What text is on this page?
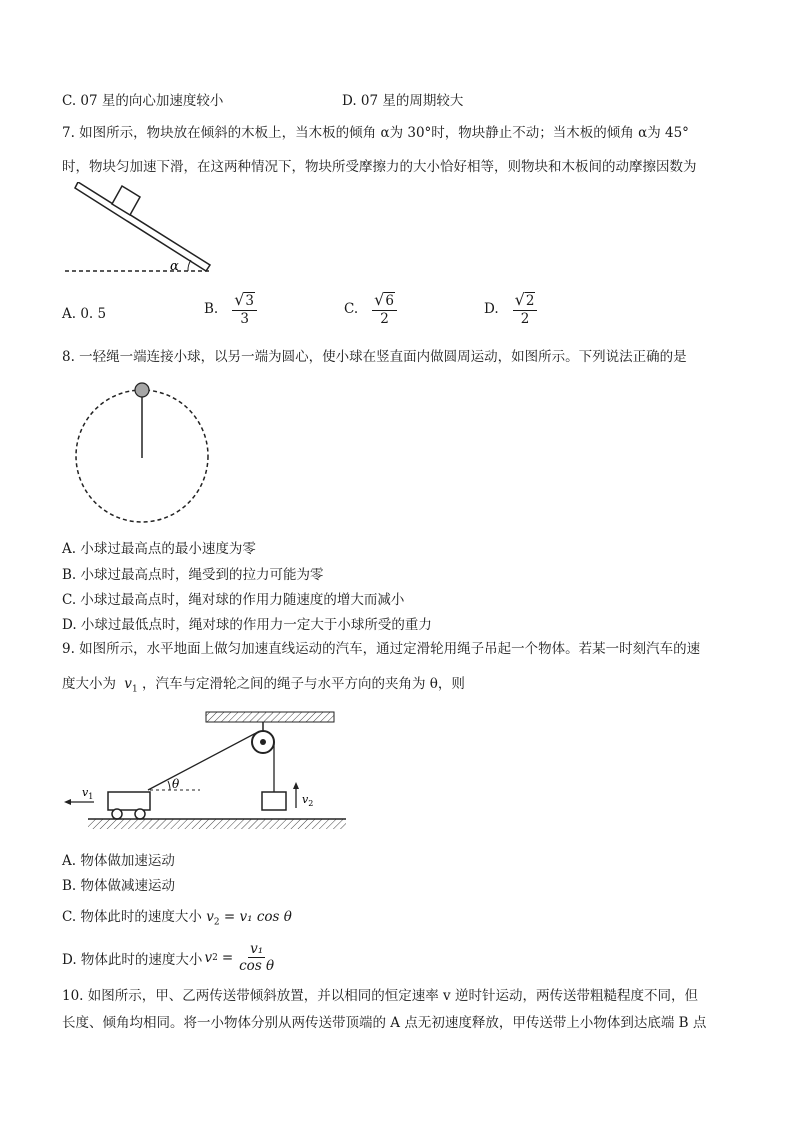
C. 07 星的向心加速度较小	D. 07 星的周期较大
7. 如图所示，物块放在倾斜的木板上，当木板的倾角 α为 30°时，物块静止不动；当木板的倾角 α为 45°
时，物块匀加速下滑，在这两种情况下，物块所受摩擦力的大小恰好相等，则物块和木板间的动摩擦因数为
α
A. 0. 5	B. $\frac{√ 3}{3}$	C. $\frac{√ 6}{2}$	D. $\frac{√ 2}{2}$
8. 一轻绳一端连接小球，以另一端为圆心，使小球在竖直面内做圆周运动，如图所示。下列说法正确的是
A. 小球过最高点的最小速度为零
B. 小球过最高点时，绳受到的拉力可能为零
C. 小球过最高点时，绳对球的作用力随速度的增大而减小
D. 小球过最低点时，绳对球的作用力一定大于小球所受的重力
9. 如图所示，水平地面上做匀加速直线运动的汽车，通过定滑轮用绳子吊起一个物体。若某一时刻汽车的速
度大小为 $v_1$ ，汽车与定滑轮之间的绳子与水平方向的夹角为 θ，则
$v_2$
θ
$v_1$
A. 物体做加速运动
B. 物体做减速运动
C. 物体此时的速度大小 $v_2 = v_1$ cos θ
D. 物体此时的速度大小 v $2 = \frac{\text{v₁}}{\text{cos θ}}$
10. 如图所示，甲、乙两传送带倾斜放置，并以相同的恒定速率 v 逆时针运动，两传送带粗糙程度不同，但
长度、倾角均相同。将一小物体分别从两传送带顶端的 A 点无初速度释放，甲传送带上小物体到达底端 B 点
